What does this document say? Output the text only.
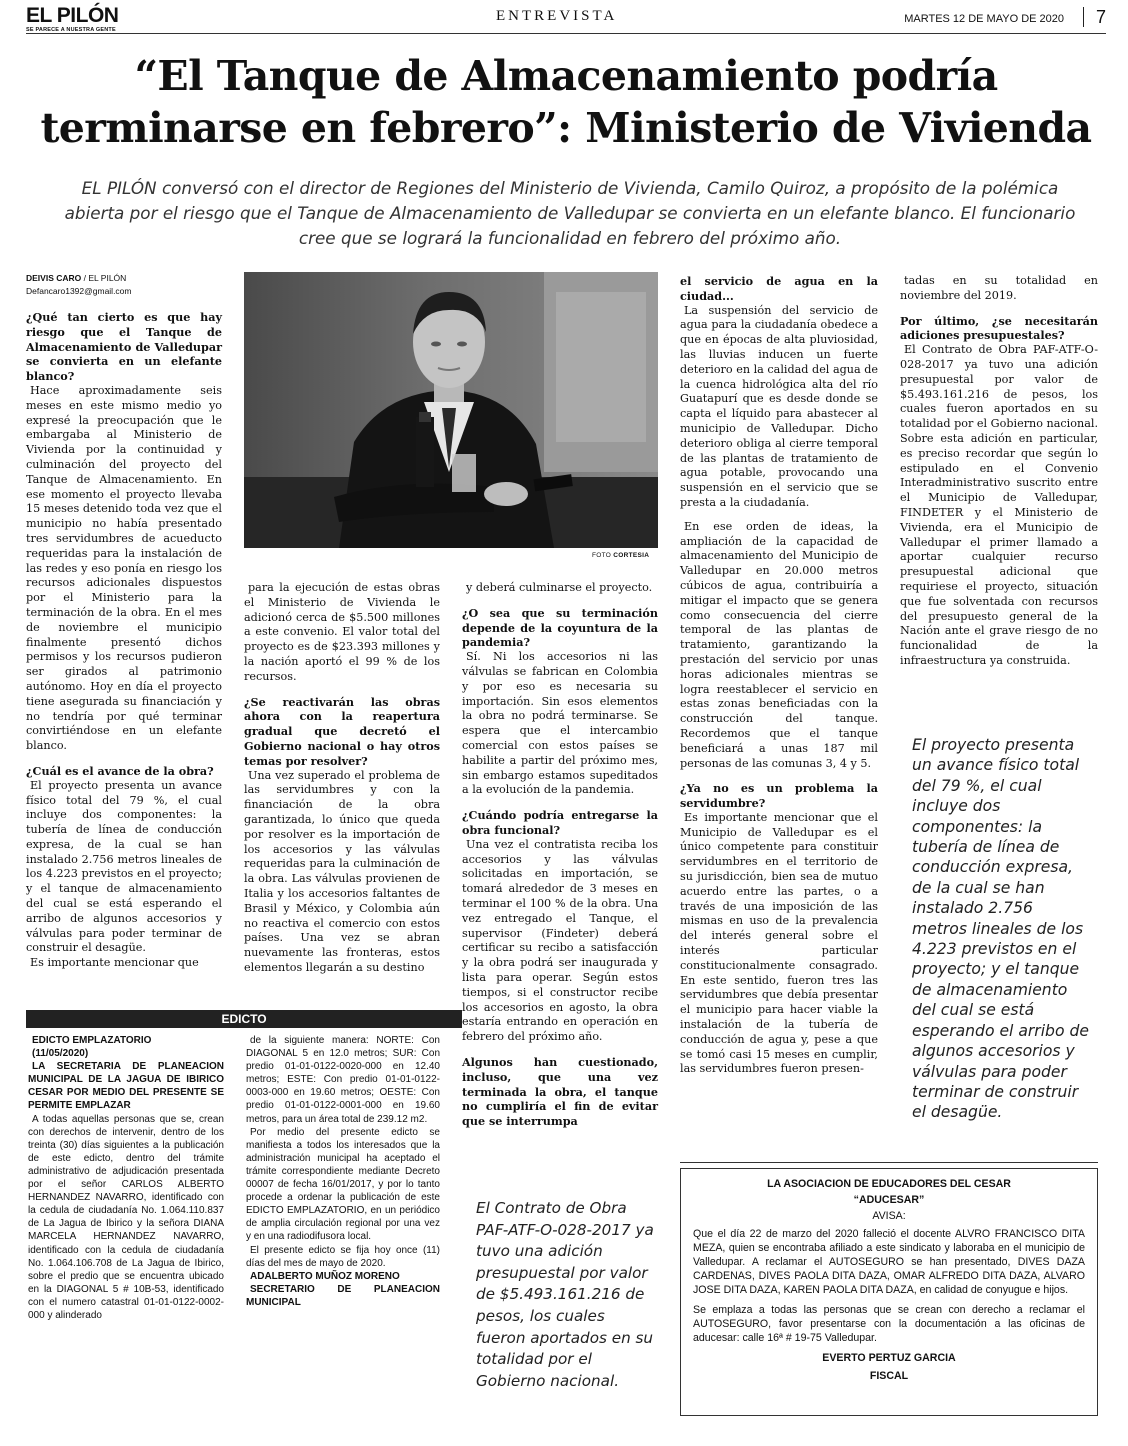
EL PILÓN
SE PARECE A NUESTRA GENTE
ENTREVISTA	MARTES 12 DE MAYO DE 2020	7
“El Tanque de Almacenamiento podría
terminarse en febrero”: Ministerio de Vivienda

EL PILÓN conversó con el director de Regiones del Ministerio de Vivienda, Camilo Quiroz, a propósito de la polémica abierta por el riesgo que el Tanque de Almacenamiento de Valledupar se convierta en un elefante blanco. El funcionario cree que se logrará la funcionalidad en febrero del próximo año.

DEIVIS CARO / EL PILÓN
Defancaro1392@gmail.com

¿Qué tan cierto es que hay riesgo que el Tanque de Almacenamiento de Valledupar se convierta en un elefante blanco?

Hace aproximadamente seis meses en este mismo medio yo expresé la preocupación que le embargaba al Ministerio de Vivienda por la continuidad y culminación del proyecto del Tanque de Almacenamiento. En ese momento el proyecto llevaba 15 meses detenido toda vez que el municipio no había presentado tres servidumbres de acueducto requeridas para la instalación de las redes y eso ponía en riesgo los recursos adicionales dispuestos por el Ministerio para la terminación de la obra. En el mes de noviembre el municipio finalmente presentó dichos permisos y los recursos pudieron ser girados al patrimonio autónomo. Hoy en día el proyecto tiene asegurada su financiación y no tendría por qué terminar convirtiéndose en un elefante blanco.

¿Cuál es el avance de la obra?

El proyecto presenta un avance físico total del 79 %, el cual incluye dos componentes: la tubería de línea de conducción expresa, de la cual se han instalado 2.756 metros lineales de los 4.223 previstos en el proyecto; y el tanque de almacenamiento del cual se está esperando el arribo de algunos accesorios y válvulas para poder terminar de construir el desagüe.

Es importante mencionar que

FOTO CORTESIA

para la ejecución de estas obras el Ministerio de Vivienda le adicionó cerca de $5.500 millones a este convenio. El valor total del proyecto es de $23.393 millones y la nación aportó el 99 % de los recursos.

¿Se reactivarán las obras ahora con la reapertura gradual que decretó el Gobierno nacional o hay otros temas por resolver?

Una vez superado el problema de las servidumbres y con la financiación de la obra garantizada, lo único que queda por resolver es la importación de los accesorios y las válvulas requeridas para la culminación de la obra. Las válvulas provienen de Italia y los accesorios faltantes de Brasil y México, y Colombia aún no reactiva el comercio con estos países. Una vez se abran nuevamente las fronteras, estos elementos llegarán a su destino

y deberá culminarse el proyecto.

¿O sea que su terminación depende de la coyuntura de la pandemia?

Sí. Ni los accesorios ni las válvulas se fabrican en Colombia y por eso es necesaria su importación. Sin esos elementos la obra no podrá terminarse. Se espera que el intercambio comercial con estos países se habilite a partir del próximo mes, sin embargo estamos supeditados a la evolución de la pandemia.

¿Cuándo podría entregarse la obra funcional?

Una vez el contratista reciba los accesorios y las válvulas solicitadas en importación, se tomará alrededor de 3 meses en terminar el 100 % de la obra. Una vez entregado el Tanque, el supervisor (Findeter) deberá certificar su recibo a satisfacción y la obra podrá ser inaugurada y lista para operar. Según estos tiempos, si el constructor recibe los accesorios en agosto, la obra estaría entrando en operación en febrero del próximo año.

Algunos han cuestionado, incluso, que una vez terminada la obra, el tanque no cumpliría el fin de evitar que se interrumpa

el servicio de agua en la ciudad...

La suspensión del servicio de agua para la ciudadanía obedece a que en épocas de alta pluviosidad, las lluvias inducen un fuerte deterioro en la calidad del agua de la cuenca hidrológica alta del río Guatapurí que es desde donde se capta el líquido para abastecer al municipio de Valledupar. Dicho deterioro obliga al cierre temporal de las plantas de tratamiento de agua potable, provocando una suspensión en el servicio que se presta a la ciudadanía.

En ese orden de ideas, la ampliación de la capacidad de almacenamiento del Municipio de Valledupar en 20.000 metros cúbicos de agua, contribuiría a mitigar el impacto que se genera como consecuencia del cierre temporal de las plantas de tratamiento, garantizando la prestación del servicio por unas horas adicionales mientras se logra reestablecer el servicio en estas zonas beneficiadas con la construcción del tanque. Recordemos que el tanque beneficiará a unas 187 mil personas de las comunas 3, 4 y 5.

¿Ya no es un problema la servidumbre?

Es importante mencionar que el Municipio de Valledupar es el único competente para constituir servidumbres en el territorio de su jurisdicción, bien sea de mutuo acuerdo entre las partes, o a través de una imposición de las mismas en uso de la prevalencia del interés general sobre el interés particular constitucionalmente consagrado. En este sentido, fueron tres las servidumbres que debía presentar el municipio para hacer viable la instalación de la tubería de conducción de agua y, pese a que se tomó casi 15 meses en cumplir, las servidumbres fueron presen-

tadas en su totalidad en noviembre del 2019.

Por último, ¿se necesitarán adiciones presupuestales?

El Contrato de Obra PAF-ATF-O-028-2017 ya tuvo una adición presupuestal por valor de $5.493.161.216 de pesos, los cuales fueron aportados en su totalidad por el Gobierno nacional. Sobre esta adición en particular, es preciso recordar que según lo estipulado en el Convenio Interadministrativo suscrito entre el Municipio de Valledupar, FINDETER y el Ministerio de Vivienda, era el Municipio de Valledupar el primer llamado a aportar cualquier recurso presupuestal adicional que requiriese el proyecto, situación que fue solventada con recursos del presupuesto general de la Nación ante el grave riesgo de no funcionalidad de la infraestructura ya construida.

El proyecto presenta un avance físico total del 79 %, el cual incluye dos componentes: la tubería de línea de conducción expresa, de la cual se han instalado 2.756 metros lineales de los 4.223 previstos en el proyecto; y el tanque de almacenamiento del cual se está esperando el arribo de algunos accesorios y válvulas para poder terminar de construir el desagüe.
El Contrato de Obra PAF-ATF-O-028-2017 ya tuvo una adición presupuestal por valor de $5.493.161.216 de pesos, los cuales fueron aportados en su totalidad por el Gobierno nacional.
EDICTO

EDICTO EMPLAZATORIO

(11/05/2020)

LA SECRETARIA DE PLANEACION MUNICIPAL DE LA JAGUA DE IBIRICO CESAR POR MEDIO DEL PRESENTE SE PERMITE EMPLAZAR

A todas aquellas personas que se, crean con derechos de intervenir, dentro de los treinta (30) días siguientes a la publicación de este edicto, dentro del trámite administrativo de adjudicación presentada por el señor CARLOS ALBERTO HERNANDEZ NAVARRO, identificado con la cedula de ciudadanía No. 1.064.110.837 de La Jagua de Ibirico y la señora DIANA MARCELA HERNANDEZ NAVARRO, identificado con la cedula de ciudadanía No. 1.064.106.708 de La Jagua de Ibirico, sobre el predio que se encuentra ubicado en la DIAGONAL 5 # 10B-53, identificado con el numero catastral 01-01-0122-0002-000 y alinderado

de la siguiente manera: NORTE: Con DIAGONAL 5 en 12.0 metros; SUR: Con predio 01-01-0122-0020-000 en 12.40 metros; ESTE: Con predio 01-01-0122-0003-000 en 19.60 metros; OESTE: Con predio 01-01-0122-0001-000 en 19.60 metros, para un área total de 239.12 m2.

Por medio del presente edicto se manifiesta a todos los interesados que la administración municipal ha aceptado el trámite correspondiente mediante Decreto 00007 de fecha 16/01/2017, y por lo tanto procede a ordenar la publicación de este EDICTO EMPLAZATORIO, en un periódico de amplia circulación regional por una vez y en una radiodifusora local.

El presente edicto se fija hoy once (11) días del mes de mayo de 2020.

ADALBERTO MUÑOZ MORENO

SECRETARIO DE PLANEACION MUNICIPAL

LA ASOCIACION DE EDUCADORES DEL CESAR

“ADUCESAR”

AVISA:

Que el día 22 de marzo del 2020 falleció el docente ALVRO FRANCISCO DITA MEZA, quien se encontraba afiliado a este sindicato y laboraba en el municipio de Valledupar. A reclamar el AUTOSEGURO se han presentado, DIVES DAZA CARDENAS, DIVES PAOLA DITA DAZA, OMAR ALFREDO DITA DAZA, ALVARO JOSE DITA DAZA, KAREN PAOLA DITA DAZA, en calidad de conyugue e hijos.

Se emplaza a todas las personas que se crean con derecho a reclamar el AUTOSEGURO, favor presentarse con la documentación a las oficinas de aducesar: calle 16ª # 19-75 Valledupar.

EVERTO PERTUZ GARCIA

FISCAL
